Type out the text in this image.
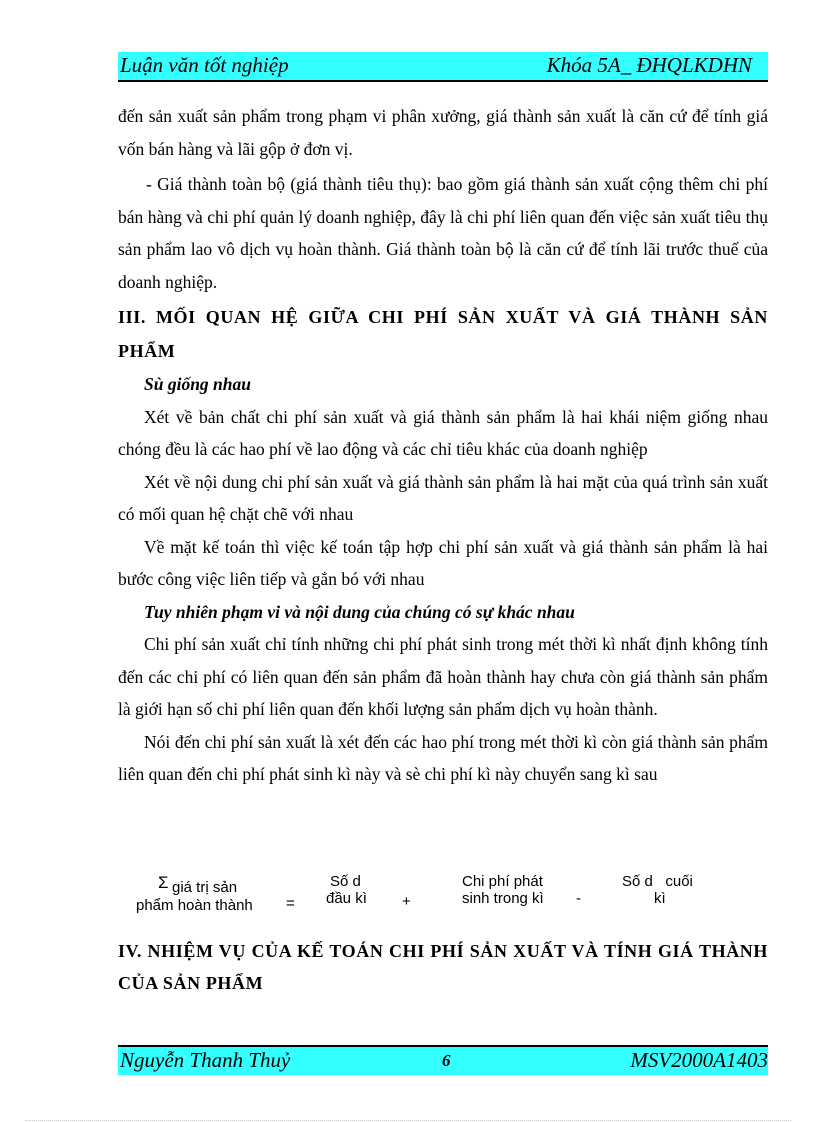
Luận văn tốt nghiệp	Khóa 5A_ ĐHQLKDHN

đến sản xuất sản phẩm trong phạm vi phân xưởng, giá thành sản xuất là căn cứ để tính giá vốn bán hàng và lãi gộp ở đơn vị.

- Giá thành toàn bộ (giá thành tiêu thụ): bao gồm giá thành sản xuất cộng thêm chi phí bán hàng và chi phí quản lý doanh nghiệp, đây là chi phí liên quan đến việc sản xuất tiêu thụ sản phẩm lao vô dịch vụ hoàn thành. Giá thành toàn bộ là căn cứ để tính lãi trước thuế của doanh nghiệp.

III. MỐI QUAN HỆ GIỮA CHI PHÍ SẢN XUẤT VÀ GIÁ THÀNH SẢN PHẨM

Sù giống nhau

Xét về bản chất chi phí sản xuất và giá thành sản phẩm là hai khái niệm giống nhau chóng đều là các hao phí về lao động và các chỉ tiêu khác của doanh nghiệp

Xét về nội dung chi phí sản xuất và giá thành sản phẩm là hai mặt của quá trình sản xuất có mối quan hệ chặt chẽ với nhau

Về mặt kế toán thì việc kế toán tập hợp chi phí sản xuất và giá thành sản phẩm là hai bước công việc liên tiếp và gắn bó với nhau

Tuy nhiên phạm vi và nội dung của chúng có sự khác nhau

Chi phí sản xuất chỉ tính những chi phí phát sinh trong mét thời kì nhất định không tính đến các chi phí có liên quan đến sản phẩm đã hoàn thành hay chưa còn giá thành sản phẩm là giới hạn số chi phí liên quan đến khối lượng sản phẩm dịch vụ hoàn thành.

Nói đến chi phí sản xuất là xét đến các hao phí trong mét thời kì còn giá thành sản phẩm liên quan đến chi phí phát sinh kì này và sè chi phí kì này chuyển sang kì sau

Σ giá trị sản
phẩm hoàn thành =
Số d
đầu kì +
Chi phí phát
sinh trong kì -
Số d   cuối
kì
IV. NHIỆM VỤ CỦA KẾ TOÁN CHI PHÍ SẢN XUẤT VÀ TÍNH GIÁ THÀNH CỦA SẢN PHẨM
Nguyễn Thanh Thuỷ	6	MSV2000A1403
